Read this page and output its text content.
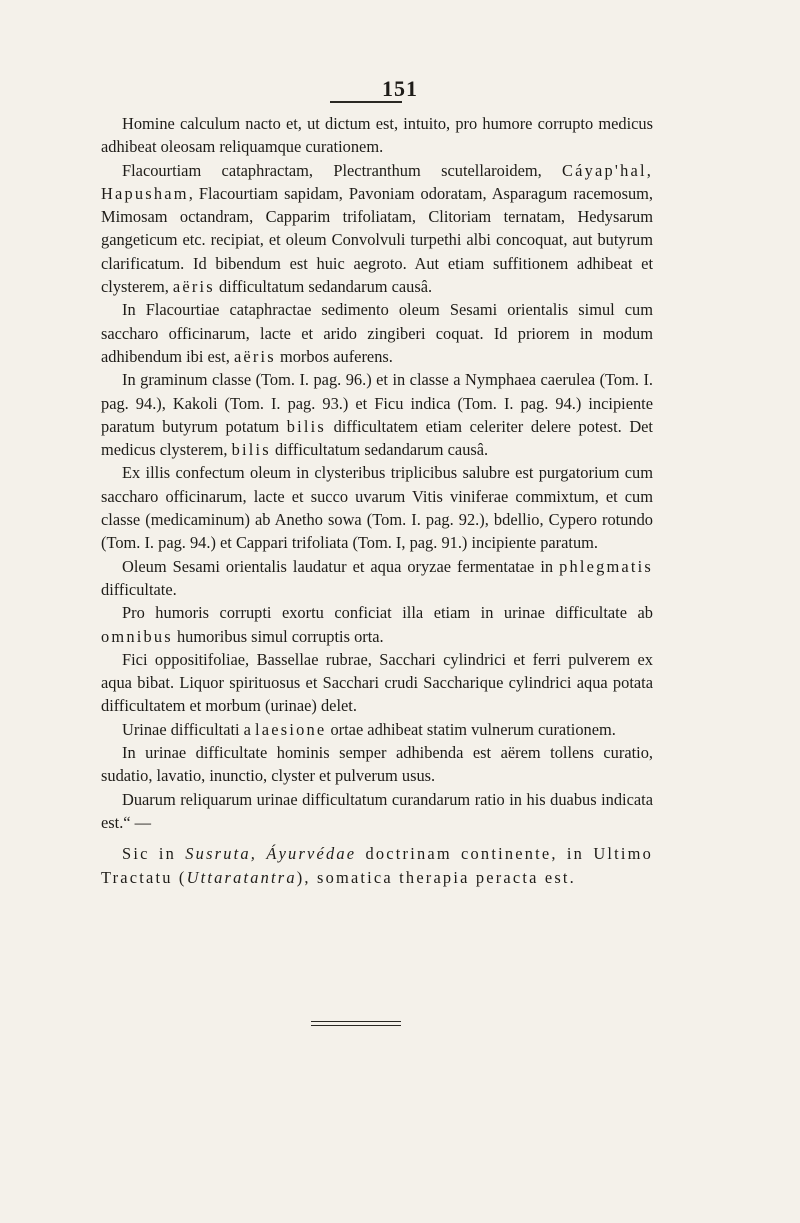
151

Homine calculum nacto et, ut dictum est, intuito, pro humore corrupto medicus adhibeat oleosam reliquamque curationem.

Flacourtiam cataphractam, Plectranthum scutellaroidem, Cáyap'hal, Hapusham, Flacourtiam sapidam, Pavoniam odoratam, Asparagum racemosum, Mimosam octandram, Capparim trifoliatam, Clitoriam ternatam, Hedysarum gangeticum etc. recipiat, et oleum Convolvuli turpethi albi concoquat, aut butyrum clarificatum. Id bibendum est huic aegroto. Aut etiam suffitionem adhibeat et clysterem, aëris difficultatum sedandarum causâ.

In Flacourtiae cataphractae sedimento oleum Sesami orientalis simul cum saccharo officinarum, lacte et arido zingiberi coquat. Id priorem in modum adhibendum ibi est, aëris morbos auferens.

In graminum classe (Tom. I. pag. 96.) et in classe a Nymphaea caerulea (Tom. I. pag. 94.), Kakoli (Tom. I. pag. 93.) et Ficu indica (Tom. I. pag. 94.) incipiente paratum butyrum potatum bilis difficultatem etiam celeriter delere potest. Det medicus clysterem, bilis difficultatum sedandarum causâ.

Ex illis confectum oleum in clysteribus triplicibus salubre est purgatorium cum saccharo officinarum, lacte et succo uvarum Vitis viniferae commixtum, et cum classe (medicaminum) ab Anetho sowa (Tom. I. pag. 92.), bdellio, Cypero rotundo (Tom. I. pag. 94.) et Cappari trifoliata (Tom. I, pag. 91.) incipiente paratum.

Oleum Sesami orientalis laudatur et aqua oryzae fermentatae in phlegmatis difficultate.

Pro humoris corrupti exortu conficiat illa etiam in urinae difficultate ab omnibus humoribus simul corruptis orta.

Fici oppositifoliae, Bassellae rubrae, Sacchari cylindrici et ferri pulverem ex aqua bibat. Liquor spirituosus et Sacchari crudi Saccharique cylindrici aqua potata difficultatem et morbum (urinae) delet.

Urinae difficultati a laesione ortae adhibeat statim vulnerum curationem.

In urinae difficultate hominis semper adhibenda est aërem tollens curatio, sudatio, lavatio, inunctio, clyster et pulverum usus.

Duarum reliquarum urinae difficultatum curandarum ratio in his duabus indicata est.“ —

Sic in Susruta, Áyurvédae doctrinam continente, in Ultimo Tractatu (Uttaratantra), somatica therapia peracta est.
